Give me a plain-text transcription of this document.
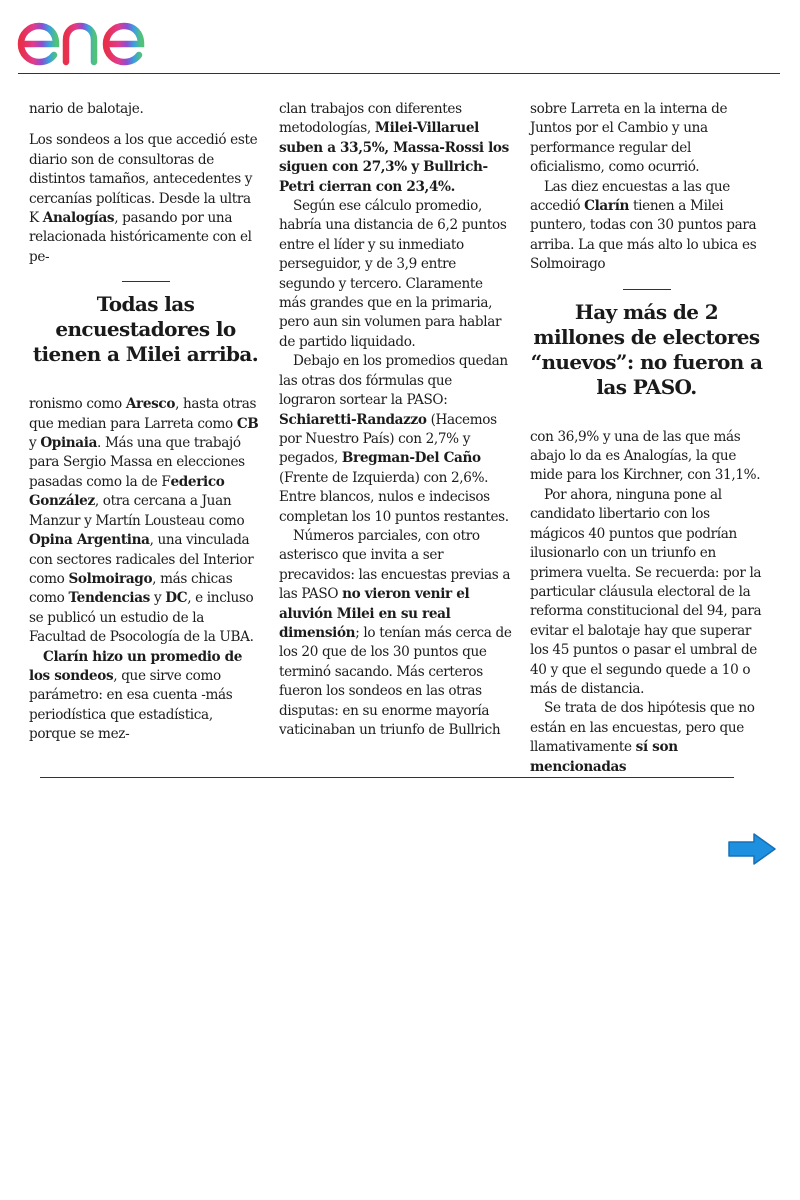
nario de balotaje.

Los sondeos a los que accedió este diario son de consultoras de distintos tamaños, antecedentes y cercanías políticas. Desde la ultra K Analogías, pasando por una relacionada históricamente con el pe-

Todas las encuestadores lo tienen a Milei arriba.

ronismo como Aresco, hasta otras que median para Larreta como CB y Opinaia. Más una que trabajó para Sergio Massa en elecciones pasadas como la de Federico González, otra cercana a Juan Manzur y Martín Lousteau como Opina Argentina, una vinculada con sectores radicales del Interior como Solmoirago, más chicas como Tendencias y DC, e incluso se publicó un estudio de la Facultad de Psocología de la UBA.

Clarín hizo un promedio de los sondeos, que sirve como parámetro: en esa cuenta -más periodística que estadística, porque se mez-

clan trabajos con diferentes metodologías, Milei-Villaruel suben a 33,5%, Massa-Rossi los siguen con 27,3% y Bullrich-Petri cierran con 23,4%.

Según ese cálculo promedio, habría una distancia de 6,2 puntos entre el líder y su inmediato perseguidor, y de 3,9 entre segundo y tercero. Claramente más grandes que en la primaria, pero aun sin volumen para hablar de partido liquidado.

Debajo en los promedios quedan las otras dos fórmulas que lograron sortear la PASO: Schiaretti-Randazzo (Hacemos por Nuestro País) con 2,7% y pegados, Bregman-Del Caño (Frente de Izquierda) con 2,6%. Entre blancos, nulos e indecisos completan los 10 puntos restantes.

Números parciales, con otro asterisco que invita a ser precavidos: las encuestas previas a las PASO no vieron venir el aluvión Milei en su real dimensión; lo tenían más cerca de los 20 que de los 30 puntos que terminó sacando. Más certeros fueron los sondeos en las otras disputas: en su enorme mayoría vaticinaban un triunfo de Bullrich

sobre Larreta en la interna de Juntos por el Cambio y una performance regular del oficialismo, como ocurrió.

Las diez encuestas a las que accedió Clarín tienen a Milei puntero, todas con 30 puntos para arriba. La que más alto lo ubica es Solmoirago

Hay más de 2 millones de electores “nuevos”: no fueron a las PASO.

con 36,9% y una de las que más abajo lo da es Analogías, la que mide para los Kirchner, con 31,1%.

Por ahora, ninguna pone al candidato libertario con los mágicos 40 puntos que podrían ilusionarlo con un triunfo en primera vuelta. Se recuerda: por la particular cláusula electoral de la reforma constitucional del 94, para evitar el balotaje hay que superar los 45 puntos o pasar el umbral de 40 y que el segundo quede a 10 o más de distancia.

Se trata de dos hipótesis que no están en las encuestas, pero que llamativamente sí son mencionadas
